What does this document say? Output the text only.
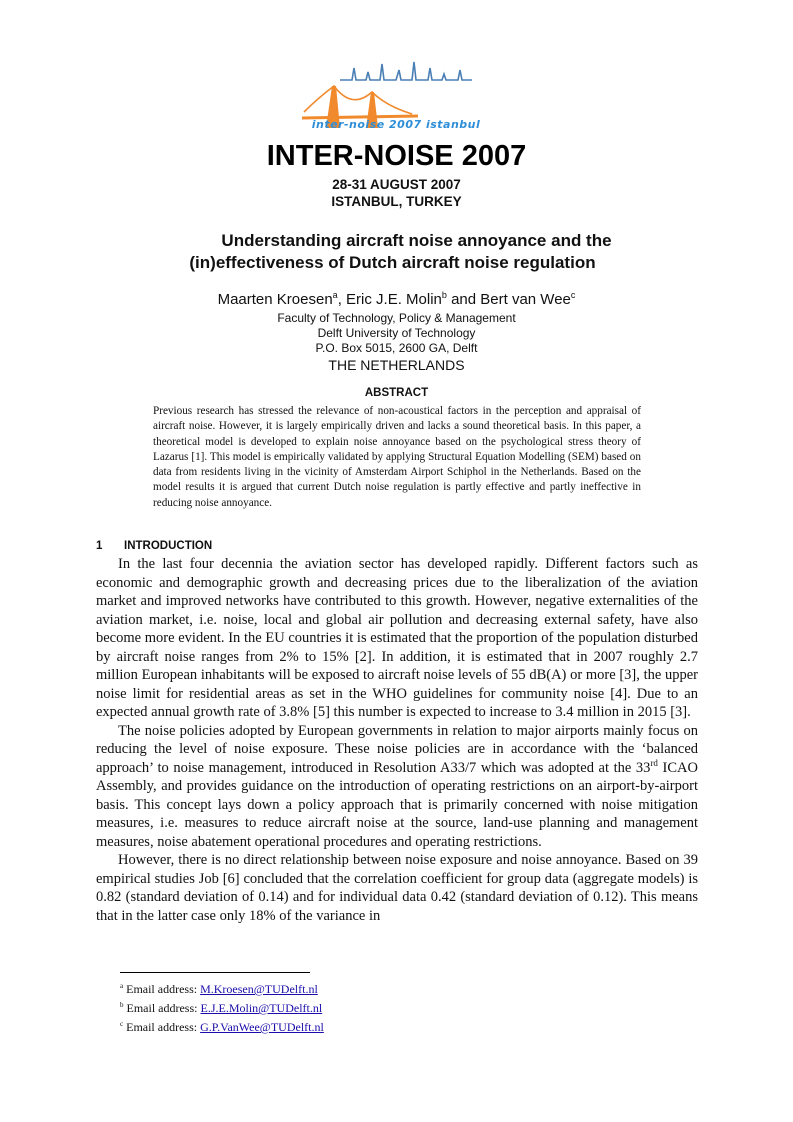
inter-noise 2007 istanbul
INTER-NOISE 2007
28-31 AUGUST 2007
ISTANBUL, TURKEY
Understanding aircraft noise annoyance and the
(in)effectiveness of Dutch aircraft noise regulation
Maarten Kroesen$^a$, Eric J.E. Molin$^b$ and Bert van Wee$^c$
Faculty of Technology, Policy & Management
Delft University of Technology
P.O. Box 5015, 2600 GA, Delft
THE NETHERLANDS
ABSTRACT
Previous research has stressed the relevance of non-acoustical factors in the perception and appraisal of aircraft noise. However, it is largely empirically driven and lacks a sound theoretical basis. In this paper, a theoretical model is developed to explain noise annoyance based on the psychological stress theory of Lazarus [1]. This model is empirically validated by applying Structural Equation Modelling (SEM) based on data from residents living in the vicinity of Amsterdam Airport Schiphol in the Netherlands. Based on the model results it is argued that current Dutch noise regulation is partly effective and partly ineffective in reducing noise annoyance.
1 INTRODUCTION

In the last four decennia the aviation sector has developed rapidly. Different factors such as economic and demographic growth and decreasing prices due to the liberalization of the aviation market and improved networks have contributed to this growth. However, negative externalities of the aviation market, i.e. noise, local and global air pollution and decreasing external safety, have also become more evident. In the EU countries it is estimated that the proportion of the population disturbed by aircraft noise ranges from 2% to 15% [2]. In addition, it is estimated that in 2007 roughly 2.7 million European inhabitants will be exposed to aircraft noise levels of 55 dB(A) or more [3], the upper noise limit for residential areas as set in the WHO guidelines for community noise [4]. Due to an expected annual growth rate of 3.8% [5] this number is expected to increase to 3.4 million in 2015 [3].

The noise policies adopted by European governments in relation to major airports mainly focus on reducing the level of noise exposure. These noise policies are in accordance with the ‘balanced approach’ to noise management, introduced in Resolution A33/7 which was adopted at the 33rd ICAO Assembly, and provides guidance on the introduction of operating restrictions on an airport-by-airport basis. This concept lays down a policy approach that is primarily concerned with noise mitigation measures, i.e. measures to reduce aircraft noise at the source, land-use planning and management measures, noise abatement operational procedures and operating restrictions.

However, there is no direct relationship between noise exposure and noise annoyance. Based on 39 empirical studies Job [6] concluded that the correlation coefficient for group data (aggregate models) is 0.82 (standard deviation of 0.14) and for individual data 0.42 (standard deviation of 0.12). This means that in the latter case only 18% of the variance in

$^a$ Email address: M.Kroesen@TUDelft.nl
$^b$ Email address: E.J.E.Molin@TUDelft.nl
$^c$ Email address: G.P.VanWee@TUDelft.nl
